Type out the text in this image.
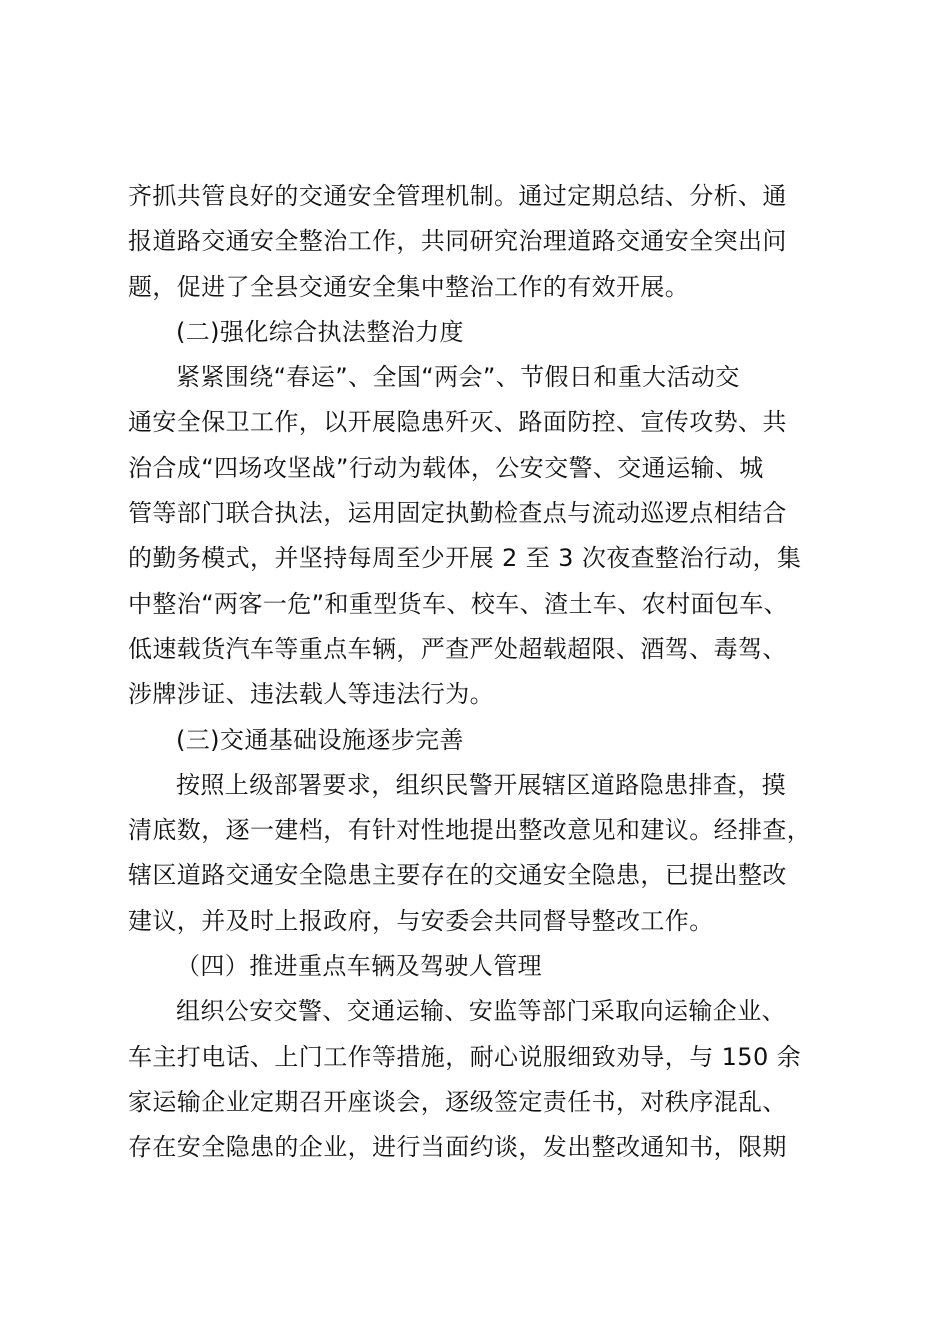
齐抓共管良好的交通安全管理机制。通过定期总结、分析、通
报道路交通安全整治工作，共同研究治理道路交通安全突出问
题，促进了全县交通安全集中整治工作的有效开展。
(二)强化综合执法整治力度
紧紧围绕“春运”、全国“两会”、节假日和重大活动交
通安全保卫工作，以开展隐患歼灭、路面防控、宣传攻势、共
治合成“四场攻坚战”行动为载体，公安交警、交通运输、城
管等部门联合执法，运用固定执勤检查点与流动巡逻点相结合
的勤务模式，并坚持每周至少开展 2 至 3 次夜查整治行动，集
中整治“两客一危”和重型货车、校车、渣土车、农村面包车、
低速载货汽车等重点车辆，严查严处超载超限、酒驾、毒驾、
涉牌涉证、违法载人等违法行为。
(三)交通基础设施逐步完善
按照上级部署要求，组织民警开展辖区道路隐患排查，摸
清底数，逐一建档，有针对性地提出整改意见和建议。经排查，
辖区道路交通安全隐患主要存在的交通安全隐患，已提出整改
建议，并及时上报政府，与安委会共同督导整改工作。
（四）推进重点车辆及驾驶人管理
组织公安交警、交通运输、安监等部门采取向运输企业、
车主打电话、上门工作等措施，耐心说服细致劝导，与 150 余
家运输企业定期召开座谈会，逐级签定责任书，对秩序混乱、
存在安全隐患的企业，进行当面约谈，发出整改通知书，限期
